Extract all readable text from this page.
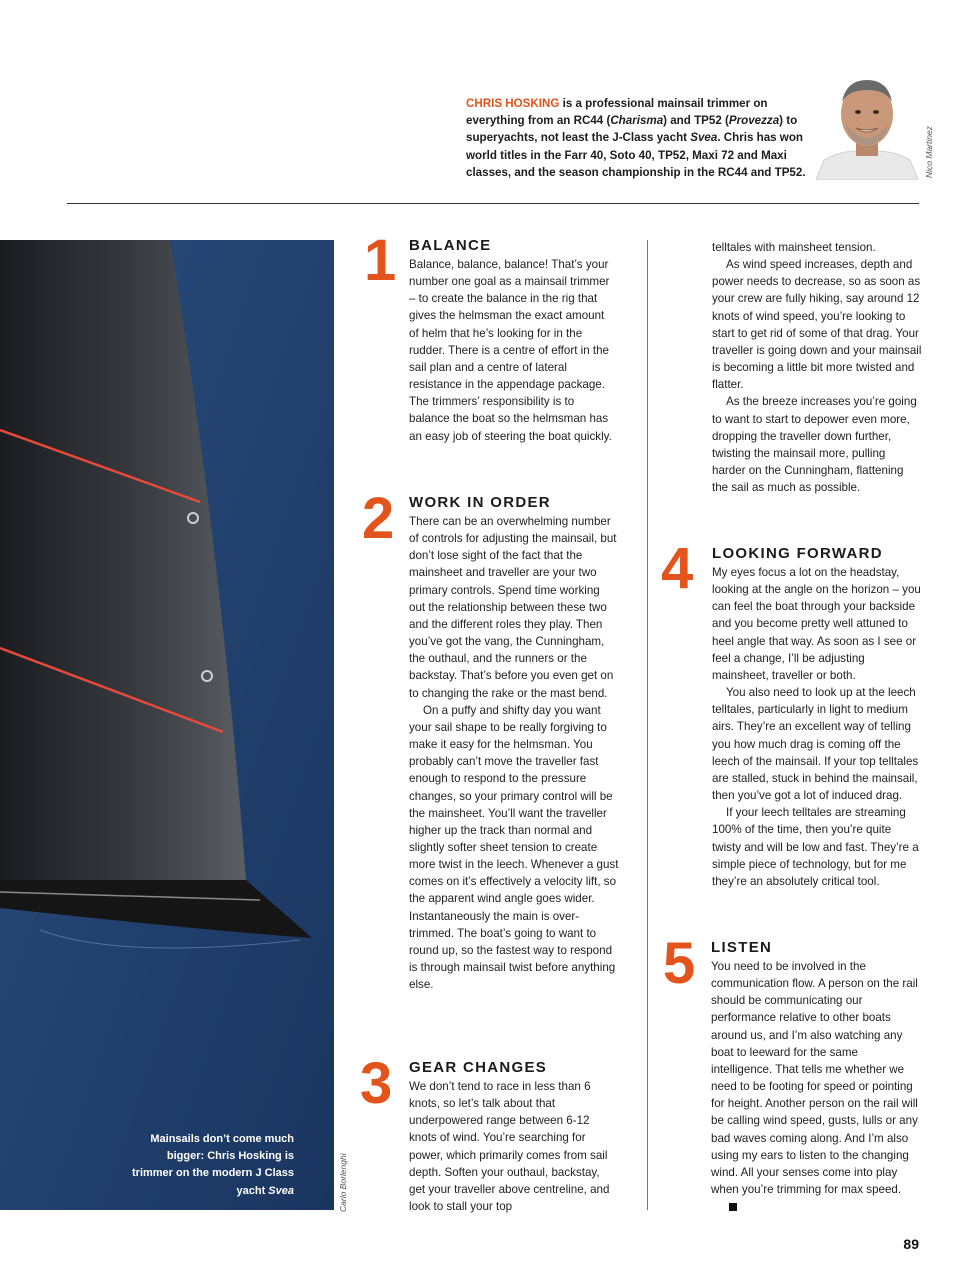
CHRIS HOSKING is a professional mainsail trimmer on everything from an RC44 (Charisma) and TP52 (Provezza) to superyachts, not least the J-Class yacht Svea. Chris has won world titles in the Farr 40, Soto 40, TP52, Maxi 72 and Maxi classes, and the season championship in the RC44 and TP52.	Nico Martinez
Mainsails don’t come much bigger: Chris Hosking is trimmer on the modern J Class yacht Svea	Carlo Borlenghi
1 BALANCE

Balance, balance, balance! That’s your number one goal as a mainsail trimmer – to create the balance in the rig that gives the helmsman the exact amount of helm that he’s looking for in the rudder. There is a centre of effort in the sail plan and a centre of lateral resistance in the appendage package. The trimmers’ responsibility is to balance the boat so the helmsman has an easy job of steering the boat quickly.

2 WORK IN ORDER

There can be an overwhelming number of controls for adjusting the mainsail, but don’t lose sight of the fact that the mainsheet and traveller are your two primary controls. Spend time working out the relationship between these two and the different roles they play. Then you’ve got the vang, the Cunningham, the outhaul, and the runners or the backstay. That’s before you even get on to changing the rake or the mast bend.

On a puffy and shifty day you want your sail shape to be really forgiving to make it easy for the helmsman. You probably can’t move the traveller fast enough to respond to the pressure changes, so your primary control will be the mainsheet. You’ll want the traveller higher up the track than normal and slightly softer sheet tension to create more twist in the leech. Whenever a gust comes on it’s effectively a velocity lift, so the apparent wind angle goes wider. Instantaneously the main is over-trimmed. The boat’s going to want to round up, so the fastest way to respond is through mainsail twist before anything else.

3 GEAR CHANGES

We don’t tend to race in less than 6 knots, so let’s talk about that underpowered range between 6-12 knots of wind. You’re searching for power, which primarily comes from sail depth. Soften your outhaul, backstay, get your traveller above centreline, and look to stall your top

telltales with mainsheet tension.

As wind speed increases, depth and power needs to decrease, so as soon as your crew are fully hiking, say around 12 knots of wind speed, you’re looking to start to get rid of some of that drag. Your traveller is going down and your mainsail is becoming a little bit more twisted and flatter.

As the breeze increases you’re going to want to start to depower even more, dropping the traveller down further, twisting the mainsail more, pulling harder on the Cunningham, flattening the sail as much as possible.

4 LOOKING FORWARD

My eyes focus a lot on the headstay, looking at the angle on the horizon – you can feel the boat through your backside and you become pretty well attuned to heel angle that way. As soon as I see or feel a change, I’ll be adjusting mainsheet, traveller or both.

You also need to look up at the leech telltales, particularly in light to medium airs. They’re an excellent way of telling you how much drag is coming off the leech of the mainsail. If your top telltales are stalled, stuck in behind the mainsail, then you’ve got a lot of induced drag.

If your leech telltales are streaming 100% of the time, then you’re quite twisty and will be low and fast. They’re a simple piece of technology, but for me they’re an absolutely critical tool.

5 LISTEN

You need to be involved in the communication flow. A person on the rail should be communicating our performance relative to other boats around us, and I’m also watching any boat to leeward for the same intelligence. That tells me whether we need to be footing for speed or pointing for height. Another person on the rail will be calling wind speed, gusts, lulls or any bad waves coming along. And I’m also using my ears to listen to the changing wind. All your senses come into play when you’re trimming for max speed.

89
